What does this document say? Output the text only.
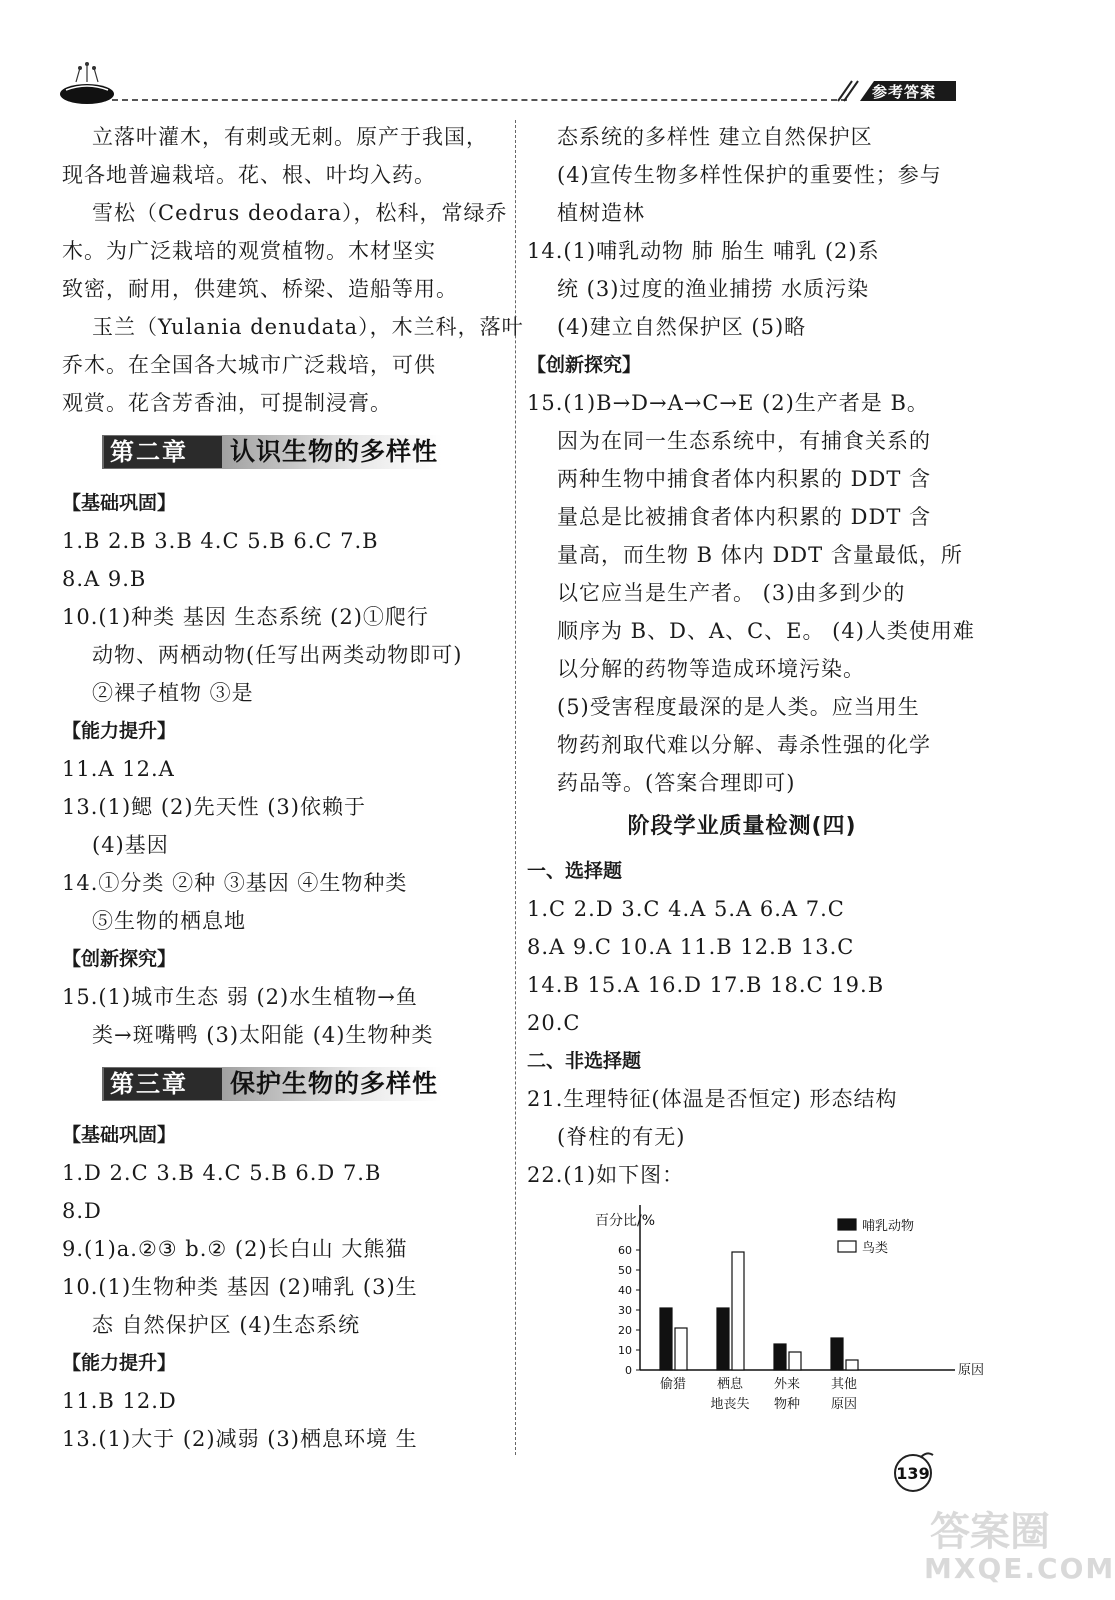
参考答案
立落叶灌木，有刺或无刺。原产于我国，
现各地普遍栽培。花、根、叶均入药。
雪松（Cedrus deodara），松科，常绿乔
木。为广泛栽培的观赏植物。木材坚实
致密，耐用，供建筑、桥梁、造船等用。
玉兰（Yulania denudata），木兰科，落叶
乔木。在全国各大城市广泛栽培，可供
观赏。花含芳香油，可提制浸膏。
第二章 认识生物的多样性
【基础巩固】
1.B 2.B 3.B 4.C 5.B 6.C 7.B
8.A 9.B
10.(1)种类 基因 生态系统 (2)①爬行
动物、两栖动物(任写出两类动物即可)
②裸子植物 ③是
【能力提升】
11.A 12.A
13.(1)鳃 (2)先天性 (3)依赖于
(4)基因
14.①分类 ②种 ③基因 ④生物种类
⑤生物的栖息地
【创新探究】
15.(1)城市生态 弱 (2)水生植物→鱼
类→斑嘴鸭 (3)太阳能 (4)生物种类
第三章 保护生物的多样性
【基础巩固】
1.D 2.C 3.B 4.C 5.B 6.D 7.B
8.D
9.(1)a.②③ b.② (2)长白山 大熊猫
10.(1)生物种类 基因 (2)哺乳 (3)生
态 自然保护区 (4)生态系统
【能力提升】
11.B 12.D
13.(1)大于 (2)减弱 (3)栖息环境 生
态系统的多样性 建立自然保护区
(4)宣传生物多样性保护的重要性；参与
植树造林
14.(1)哺乳动物 肺 胎生 哺乳 (2)系
统 (3)过度的渔业捕捞 水质污染
(4)建立自然保护区 (5)略
【创新探究】
15.(1)B→D→A→C→E (2)生产者是 B。
因为在同一生态系统中，有捕食关系的
两种生物中捕食者体内积累的 DDT 含
量总是比被捕食者体内积累的 DDT 含
量高，而生物 B 体内 DDT 含量最低，所
以它应当是生产者。 (3)由多到少的
顺序为 B、D、A、C、E。 (4)人类使用难
以分解的药物等造成环境污染。
(5)受害程度最深的是人类。应当用生
物药剂取代难以分解、毒杀性强的化学
药品等。(答案合理即可)
阶段学业质量检测(四)
一、选择题
1.C 2.D 3.C 4.A 5.A 6.A 7.C
8.A 9.C 10.A 11.B 12.B 13.C
14.B 15.A 16.D 17.B 18.C 19.B
20.C
二、非选择题
21.生理特征(体温是否恒定) 形态结构
(脊柱的有无)
22.(1)如下图：
百分比/%
原因
0
10
20
30
40
50
60
偷猎 栖息
地丧失
外来
物种
其他
原因
哺乳动物
鸟类
139
答案圈
MXQE.COM
